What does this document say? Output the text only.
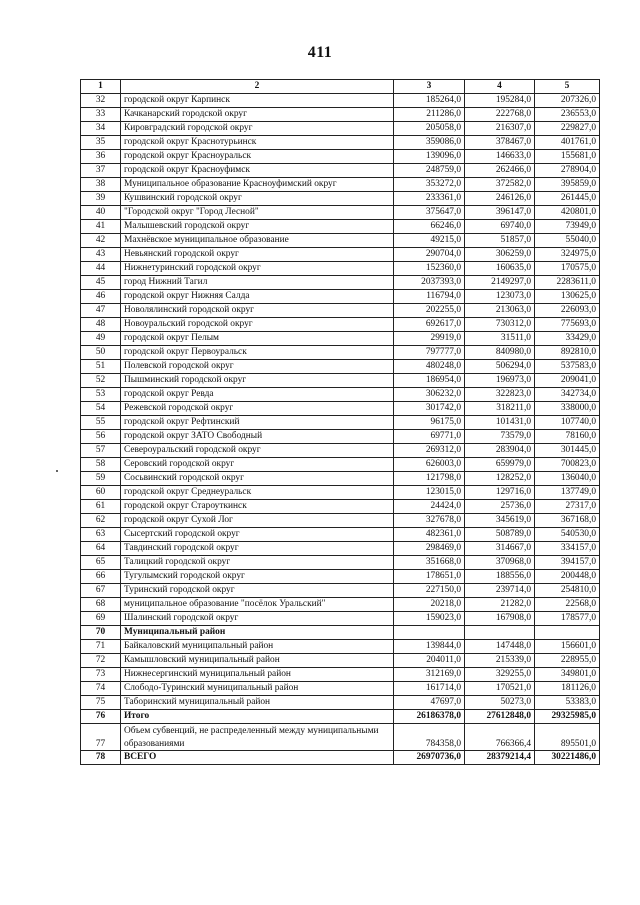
411
1	2	3	4	5
32	городской округ Карпинск	185264,0	195284,0	207326,0
33	Качканарский городской округ	211286,0	222768,0	236553,0
34	Кировградский городской округ	205058,0	216307,0	229827,0
35	городской округ Краснотурьинск	359086,0	378467,0	401761,0
36	городской округ Красноуральск	139096,0	146633,0	155681,0
37	городской округ Красноуфимск	248759,0	262466,0	278904,0
38	Муниципальное образование Красноуфимский округ	353272,0	372582,0	395859,0
39	Кушвинский городской округ	233361,0	246126,0	261445,0
40	"Городской округ "Город Лесной"	375647,0	396147,0	420801,0
41	Малышевский городской округ	66246,0	69740,0	73949,0
42	Махнёвское муниципальное образование	49215,0	51857,0	55040,0
43	Невьянский городской округ	290704,0	306259,0	324975,0
44	Нижнетуринский городской округ	152360,0	160635,0	170575,0
45	город Нижний Тагил	2037393,0	2149297,0	2283611,0
46	городской округ Нижняя Салда	116794,0	123073,0	130625,0
47	Новолялинский городской округ	202255,0	213063,0	226093,0
48	Новоуральский городской округ	692617,0	730312,0	775693,0
49	городской округ Пелым	29919,0	31511,0	33429,0
50	городской округ Первоуральск	797777,0	840980,0	892810,0
51	Полевской городской округ	480248,0	506294,0	537583,0
52	Пышминский городской округ	186954,0	196973,0	209041,0
53	городской округ Ревда	306232,0	322823,0	342734,0
54	Режевской городской округ	301742,0	318211,0	338000,0
55	городской округ Рефтинский	96175,0	101431,0	107740,0
56	городской округ ЗАТО Свободный	69771,0	73579,0	78160,0
57	Североуральский городской округ	269312,0	283904,0	301445,0
58	Серовский городской округ	626003,0	659979,0	700823,0
59	Сосьвинский городской округ	121798,0	128252,0	136040,0
60	городской округ Среднеуральск	123015,0	129716,0	137749,0
61	городской округ Староуткинск	24424,0	25736,0	27317,0
62	городской округ Сухой Лог	327678,0	345619,0	367168,0
63	Сысертский городской округ	482361,0	508789,0	540530,0
64	Тавдинский городской округ	298469,0	314667,0	334157,0
65	Талицкий городской округ	351668,0	370968,0	394157,0
66	Тугулымский городской округ	178651,0	188556,0	200448,0
67	Туринский городской округ	227150,0	239714,0	254810,0
68	муниципальное образование "посёлок Уральский"	20218,0	21282,0	22568,0
69	Шалинский городской округ	159023,0	167908,0	178577,0
70	Муниципальный район			
71	Байкаловский муниципальный район	139844,0	147448,0	156601,0
72	Камышловский муниципальный район	204011,0	215339,0	228955,0
73	Нижнесергинский муниципальный район	312169,0	329255,0	349801,0
74	Слободо-Туринский муниципальный район	161714,0	170521,0	181126,0
75	Таборинский муниципальный район	47697,0	50273,0	53383,0
76	Итого	26186378,0	27612848,0	29325985,0
77	Объем субвенций, не распределенный между муниципальными образованиями	784358,0	766366,4	895501,0
78	ВСЕГО	26970736,0	28379214,4	30221486,0
